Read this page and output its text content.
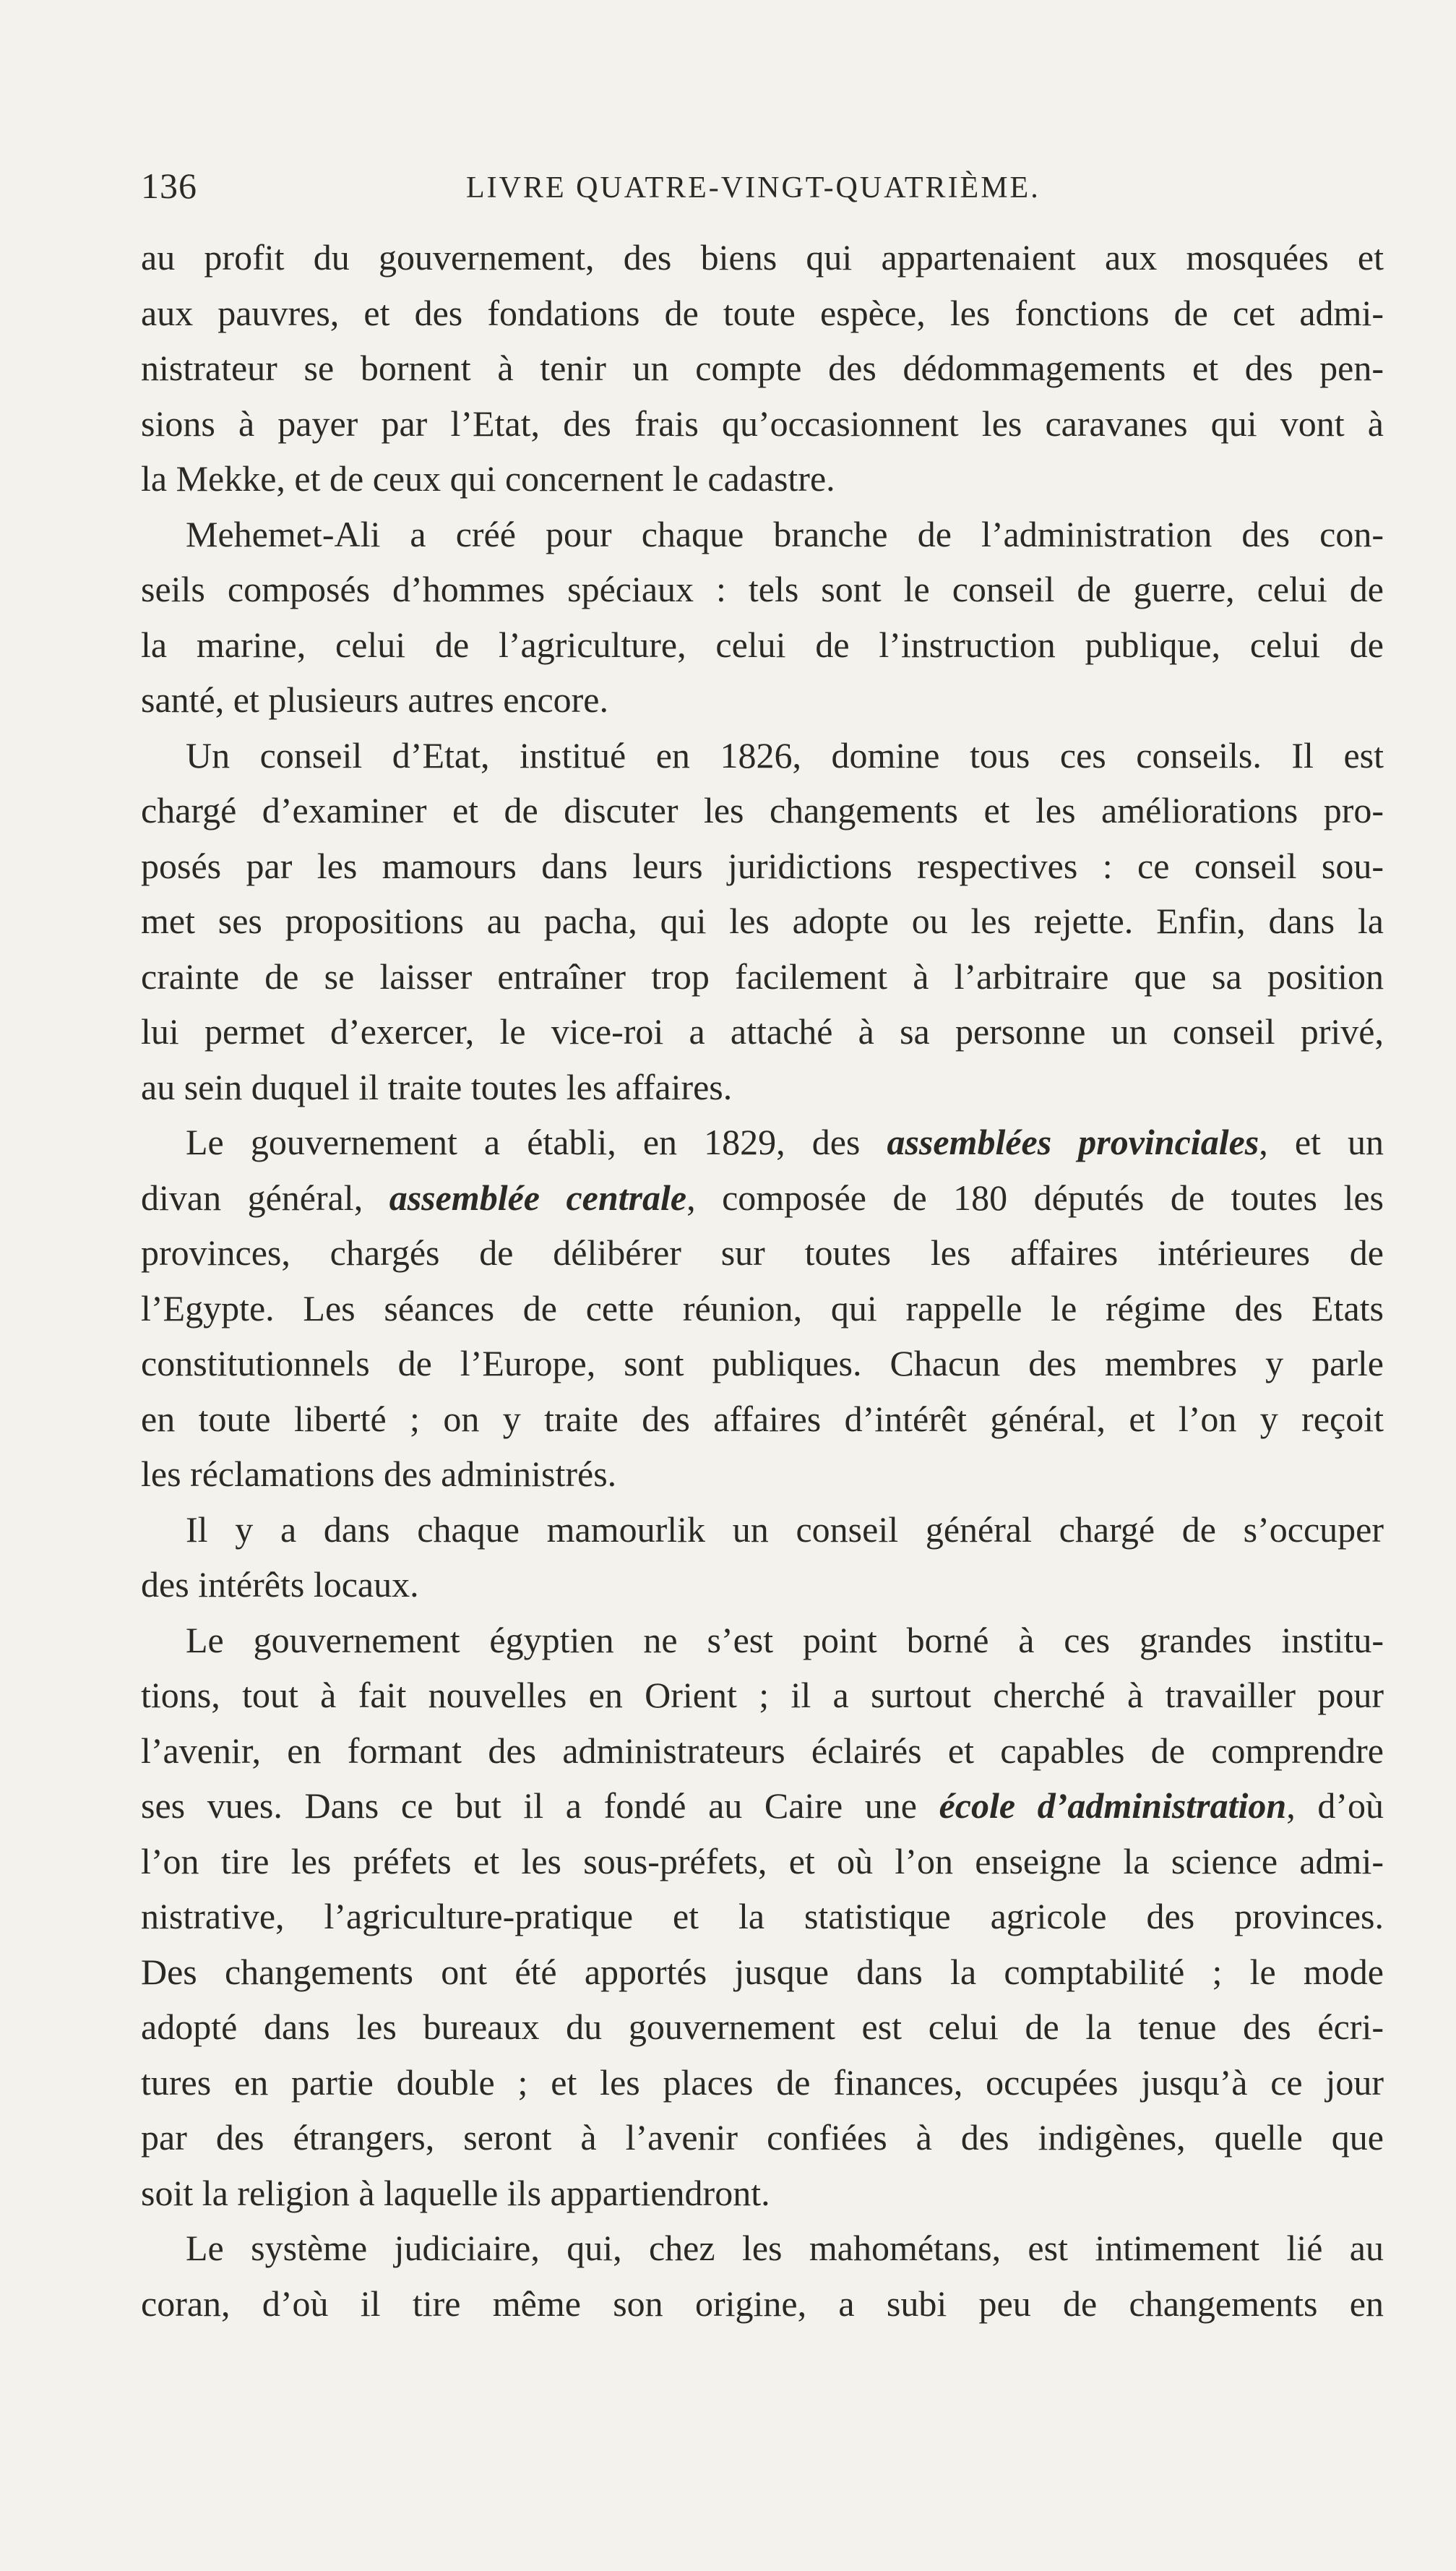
136	LIVRE QUATRE-VINGT-QUATRIÈME.
au profit du gouvernement, des biens qui appartenaient aux mosquées et
aux pauvres, et des fondations de toute espèce, les fonctions de cet admi-
nistrateur se bornent à tenir un compte des dédommagements et des pen-
sions à payer par l’Etat, des frais qu’occasionnent les caravanes qui vont à
la Mekke, et de ceux qui concernent le cadastre.
Mehemet-Ali a créé pour chaque branche de l’administration des con-
seils composés d’hommes spéciaux : tels sont le conseil de guerre, celui de
la marine, celui de l’agriculture, celui de l’instruction publique, celui de
santé, et plusieurs autres encore.
Un conseil d’Etat, institué en 1826, domine tous ces conseils. Il est
chargé d’examiner et de discuter les changements et les améliorations pro-
posés par les mamours dans leurs juridictions respectives : ce conseil sou-
met ses propositions au pacha, qui les adopte ou les rejette. Enfin, dans la
crainte de se laisser entraîner trop facilement à l’arbitraire que sa position
lui permet d’exercer, le vice-roi a attaché à sa personne un conseil privé,
au sein duquel il traite toutes les affaires.
Le gouvernement a établi, en 1829, des assemblées provinciales, et un
divan général, assemblée centrale, composée de 180 députés de toutes les
provinces, chargés de délibérer sur toutes les affaires intérieures de
l’Egypte. Les séances de cette réunion, qui rappelle le régime des Etats
constitutionnels de l’Europe, sont publiques. Chacun des membres y parle
en toute liberté ; on y traite des affaires d’intérêt général, et l’on y reçoit
les réclamations des administrés.
Il y a dans chaque mamourlik un conseil général chargé de s’occuper
des intérêts locaux.
Le gouvernement égyptien ne s’est point borné à ces grandes institu-
tions, tout à fait nouvelles en Orient ; il a surtout cherché à travailler pour
l’avenir, en formant des administrateurs éclairés et capables de comprendre
ses vues. Dans ce but il a fondé au Caire une école d’administration, d’où
l’on tire les préfets et les sous-préfets, et où l’on enseigne la science admi-
nistrative, l’agriculture-pratique et la statistique agricole des provinces.
Des changements ont été apportés jusque dans la comptabilité ; le mode
adopté dans les bureaux du gouvernement est celui de la tenue des écri-
tures en partie double ; et les places de finances, occupées jusqu’à ce jour
par des étrangers, seront à l’avenir confiées à des indigènes, quelle que
soit la religion à laquelle ils appartiendront.
Le système judiciaire, qui, chez les mahométans, est intimement lié au
coran, d’où il tire même son origine, a subi peu de changements en
